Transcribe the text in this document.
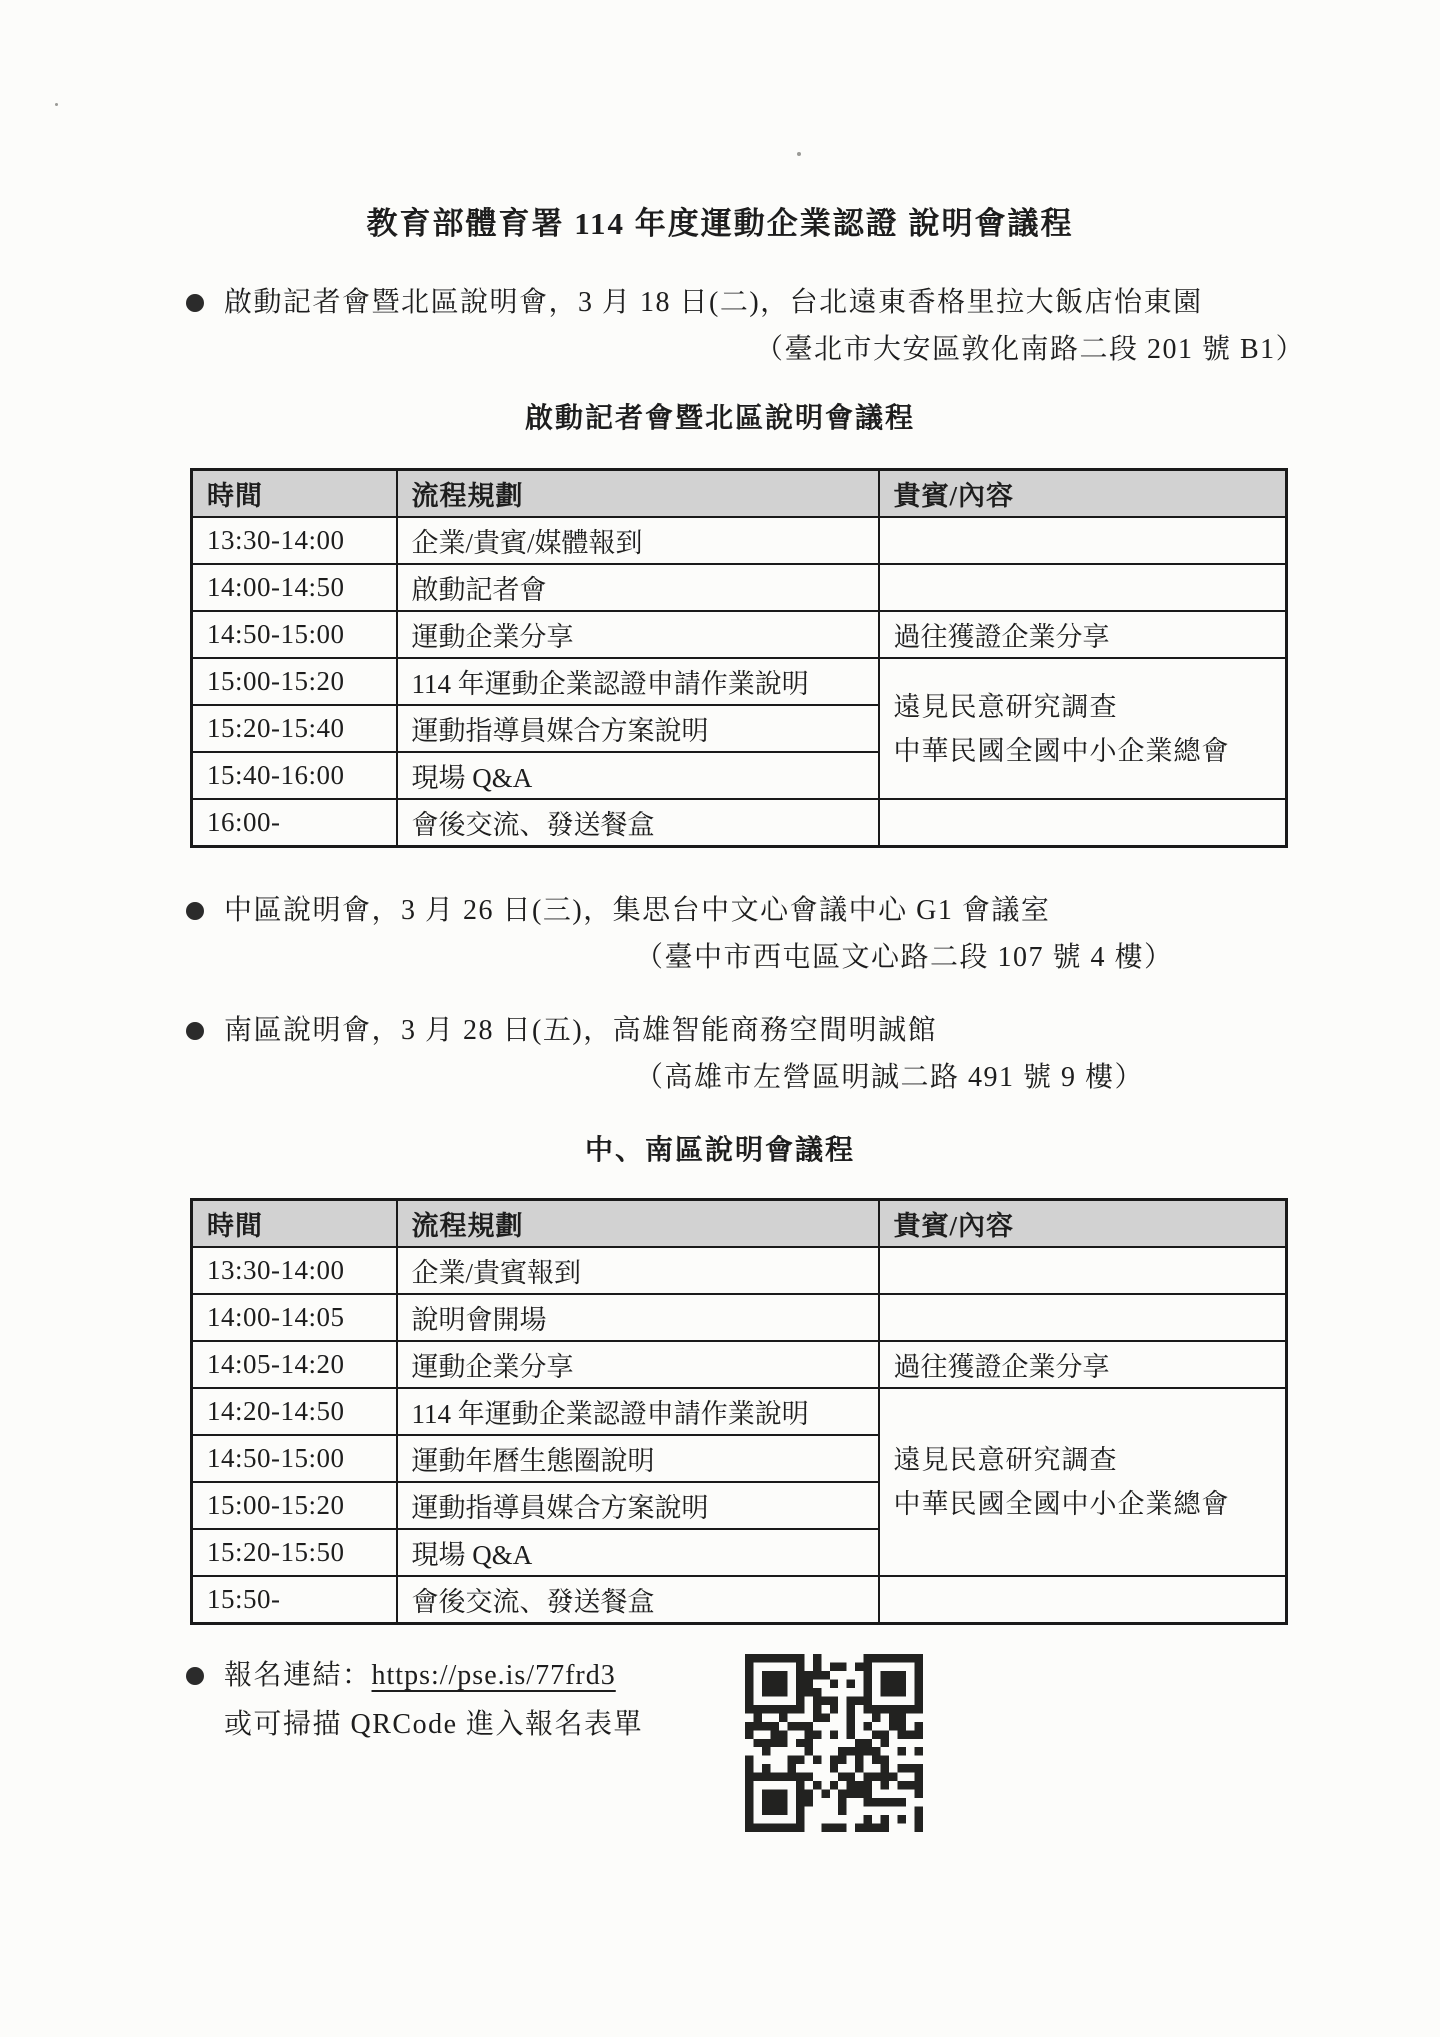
教育部體育署 114 年度運動企業認證 說明會議程
啟動記者會暨北區說明會，3 月 18 日(二)，台北遠東香格里拉大飯店怡東園
（臺北市大安區敦化南路二段 201 號 B1）
啟動記者會暨北區說明會議程
時間	流程規劃	貴賓/內容
13:30-14:00	企業/貴賓/媒體報到	
14:00-14:50	啟動記者會	
14:50-15:00	運動企業分享	過往獲證企業分享
15:00-15:20	114 年運動企業認證申請作業說明	遠見民意研究調查
中華民國全國中小企業總會

15:20-15:40	運動指導員媒合方案說明	
15:40-16:00	現場 Q&A	
16:00-	會後交流、發送餐盒	
中區說明會，3 月 26 日(三)，集思台中文心會議中心 G1 會議室
（臺中市西屯區文心路二段 107 號 4 樓）
南區說明會，3 月 28 日(五)，高雄智能商務空間明誠館
（高雄市左營區明誠二路 491 號 9 樓）
中、南區說明會議程
時間	流程規劃	貴賓/內容
13:30-14:00	企業/貴賓報到	
14:00-14:05	說明會開場	
14:05-14:20	運動企業分享	過往獲證企業分享
14:20-14:50	114 年運動企業認證申請作業說明	遠見民意研究調查
中華民國全國中小企業總會

14:50-15:00	運動年曆生態圈說明	
15:00-15:20	運動指導員媒合方案說明	
15:20-15:50	現場 Q&A	
15:50-	會後交流、發送餐盒	
報名連結：https://pse.is/77frd3
或可掃描 QRCode 進入報名表單
